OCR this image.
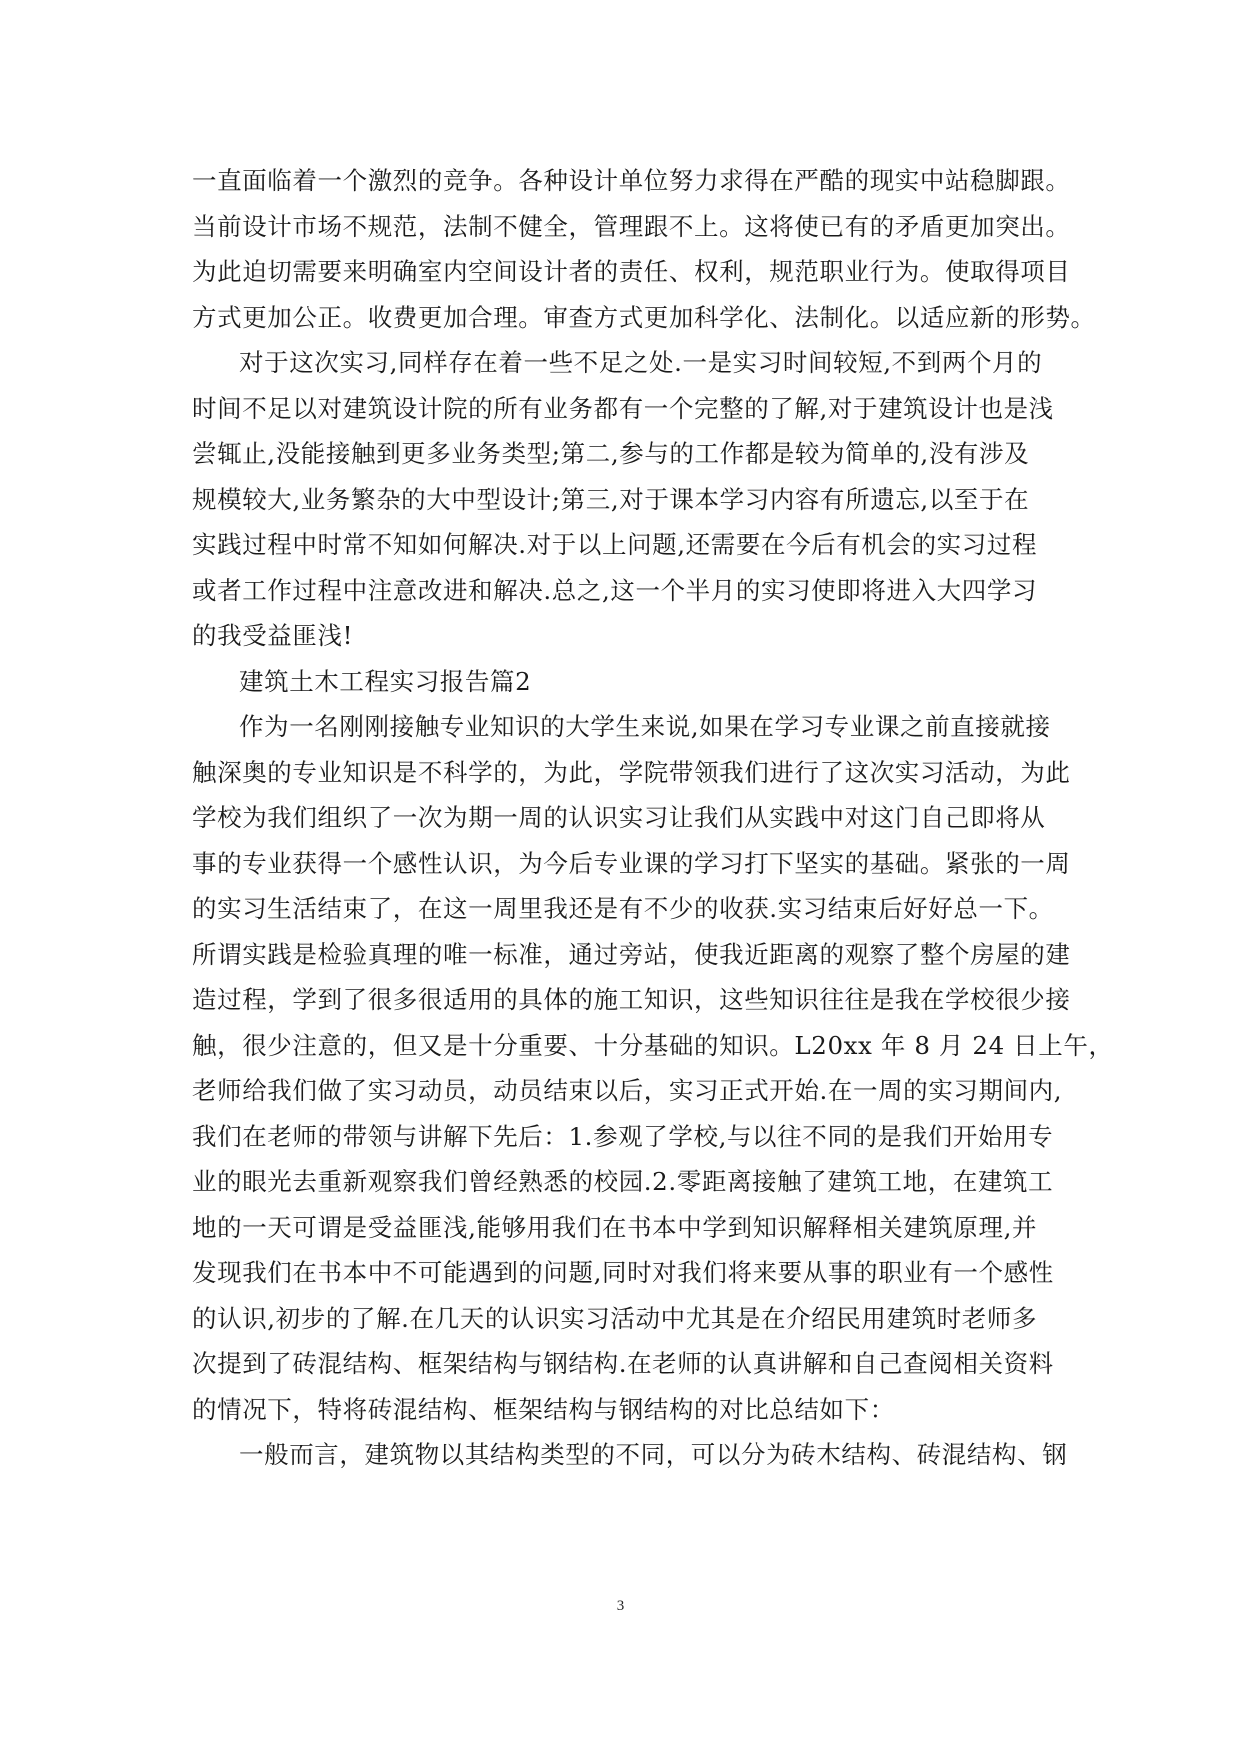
一直面临着一个激烈的竞争。各种设计单位努力求得在严酷的现实中站稳脚跟。
当前设计市场不规范，法制不健全，管理跟不上。这将使已有的矛盾更加突出。
为此迫切需要来明确室内空间设计者的责任、权利，规范职业行为。使取得项目
方式更加公正。收费更加合理。审查方式更加科学化、法制化。以适应新的形势。
对于这次实习,同样存在着一些不足之处.一是实习时间较短,不到两个月的
时间不足以对建筑设计院的所有业务都有一个完整的了解,对于建筑设计也是浅
尝辄止,没能接触到更多业务类型;第二,参与的工作都是较为简单的,没有涉及
规模较大,业务繁杂的大中型设计;第三,对于课本学习内容有所遗忘,以至于在
实践过程中时常不知如何解决.对于以上问题,还需要在今后有机会的实习过程
或者工作过程中注意改进和解决.总之,这一个半月的实习使即将进入大四学习
的我受益匪浅!
建筑土木工程实习报告篇2
作为一名刚刚接触专业知识的大学生来说,如果在学习专业课之前直接就接
触深奥的专业知识是不科学的，为此，学院带领我们进行了这次实习活动，为此
学校为我们组织了一次为期一周的认识实习让我们从实践中对这门自己即将从
事的专业获得一个感性认识，为今后专业课的学习打下坚实的基础。紧张的一周
的实习生活结束了，在这一周里我还是有不少的收获.实习结束后好好总一下。
所谓实践是检验真理的唯一标准，通过旁站，使我近距离的观察了整个房屋的建
造过程，学到了很多很适用的具体的施工知识，这些知识往往是我在学校很少接
触，很少注意的，但又是十分重要、十分基础的知识。L20xx 年 8 月 24 日上午，
老师给我们做了实习动员，动员结束以后，实习正式开始.在一周的实习期间内,
我们在老师的带领与讲解下先后：1.参观了学校,与以往不同的是我们开始用专
业的眼光去重新观察我们曾经熟悉的校园.2.零距离接触了建筑工地，在建筑工
地的一天可谓是受益匪浅,能够用我们在书本中学到知识解释相关建筑原理,并
发现我们在书本中不可能遇到的问题,同时对我们将来要从事的职业有一个感性
的认识,初步的了解.在几天的认识实习活动中尤其是在介绍民用建筑时老师多
次提到了砖混结构、框架结构与钢结构.在老师的认真讲解和自己查阅相关资料
的情况下，特将砖混结构、框架结构与钢结构的对比总结如下：
一般而言，建筑物以其结构类型的不同，可以分为砖木结构、砖混结构、钢
3
